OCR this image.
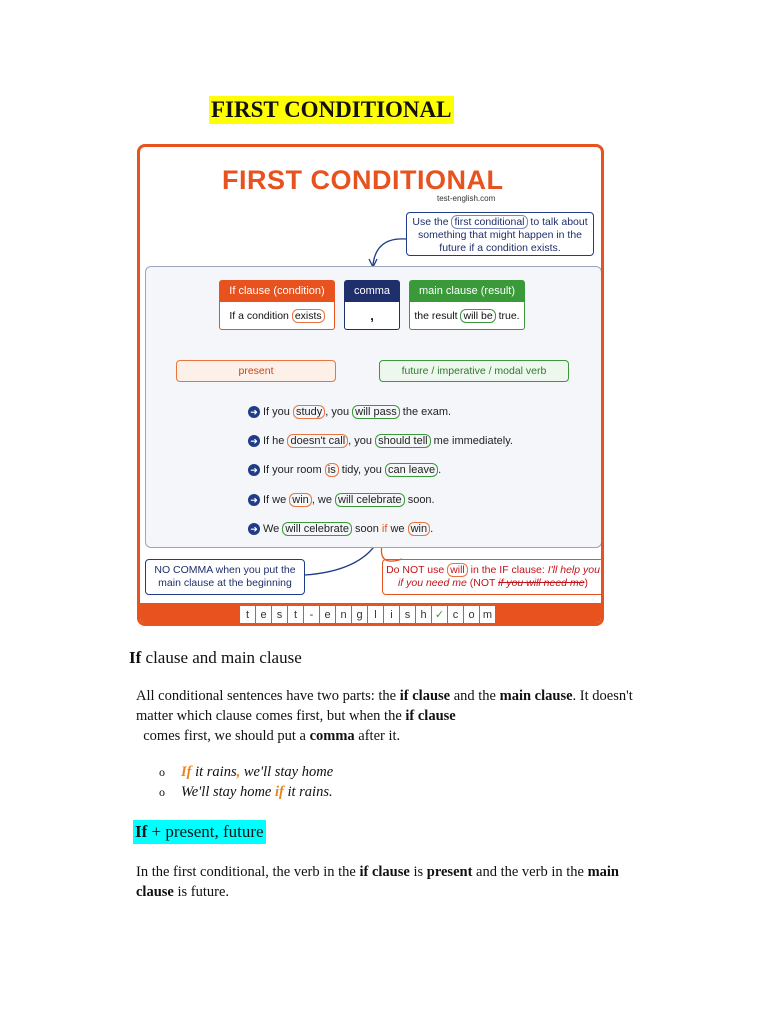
FIRST CONDITIONAL
FIRST CONDITIONAL
test-english.com
Use the first conditional to talk about something that might happen in the future if a condition exists.
If clause (condition)
If a condition exists
comma
,
main clause (result)
the result will be true.
present	future / imperative / modal verb
➜ If you study , you will pass the exam.
➜ If he doesn't call , you should tell me immediately.
➜ If your room is tidy, you can leave .
➜ If we win , we will celebrate soon.
➜ We will celebrate soon if we win .
NO COMMA when you put the main clause at the beginning
Do NOT use will in the IF clause: I'll help you if you need me (NOT if you will need me)
t	e s	t	-	e n g	l	i	s h ✓ c o m
If clause and main clause
All conditional sentences have two parts: the if clause and the main clause. It doesn't matter which clause comes first, but when the if clause  comes first, we should put a comma after it.
o If it rains, we'll stay home
o We'll stay home if it rains.
If + present, future
In the first conditional, the verb in the if clause is present and the verb in the main clause is future.
